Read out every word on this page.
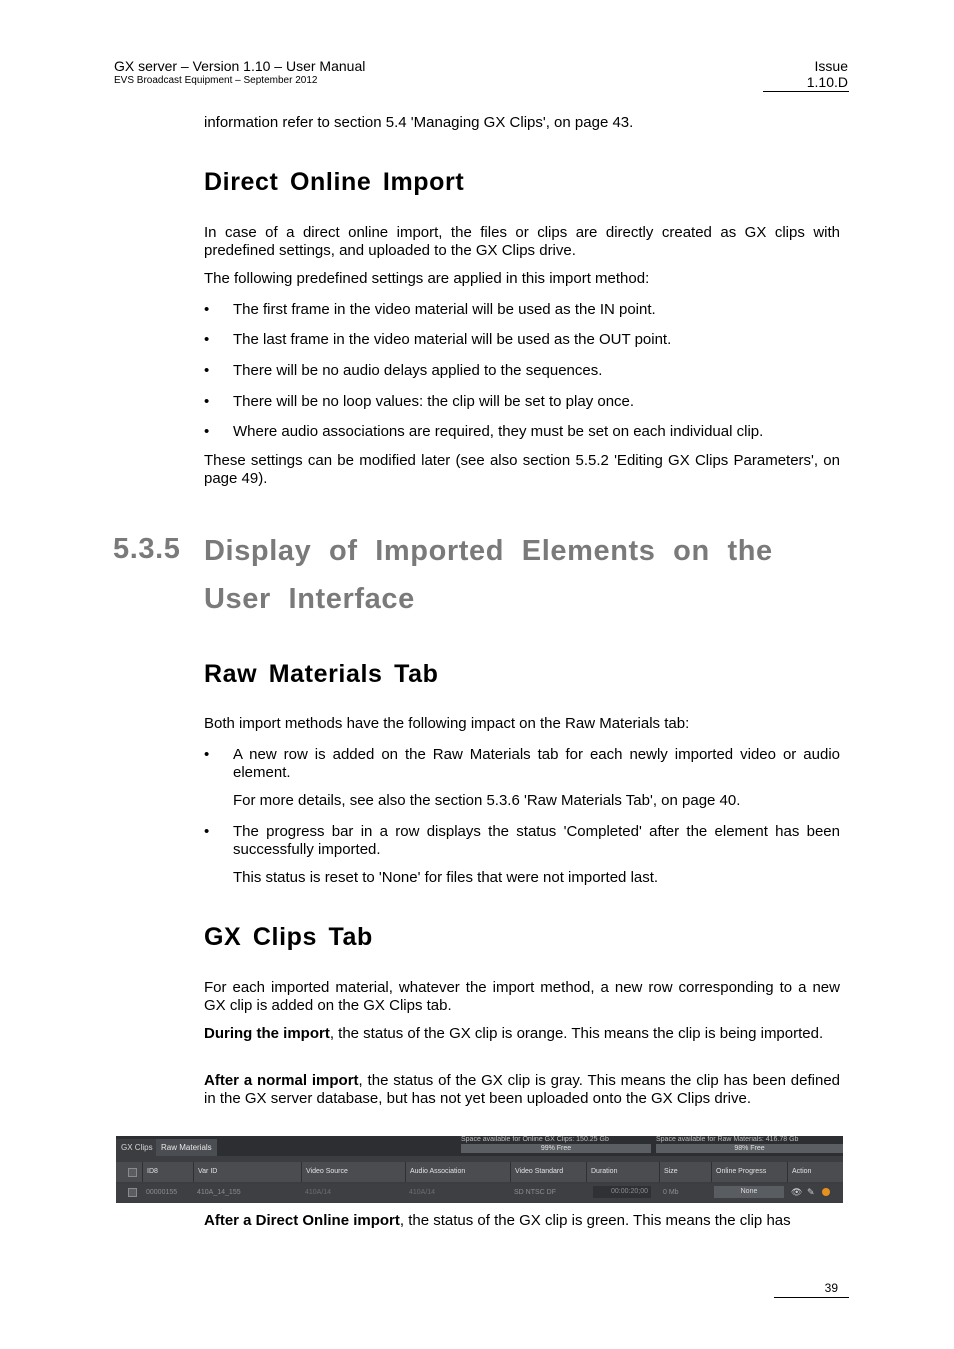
GX server – Version 1.10 – User Manual
EVS Broadcast Equipment – September 2012
Issue
1.10.D

information refer to section 5.4 'Managing GX Clips', on page 43.

Direct Online Import

In case of a direct online import, the files or clips are directly created as GX clips with predefined settings, and uploaded to the GX Clips drive.

The following predefined settings are applied in this import method:

•	The first frame in the video material will be used as the IN point.
•	The last frame in the video material will be used as the OUT point.
•	There will be no audio delays applied to the sequences.
•	There will be no loop values: the clip will be set to play once.
•	Where audio associations are required, they must be set on each individual clip.

These settings can be modified later (see also section 5.5.2 'Editing GX Clips Parameters', on page 49).

5.3.5 Display of Imported Elements on the User Interface
Raw Materials Tab

Both import methods have the following impact on the Raw Materials tab:

•	A new row is added on the Raw Materials tab for each newly imported video or audio element.

For more details, see also the section 5.3.6 'Raw Materials Tab', on page 40.

•	The progress bar in a row displays the status 'Completed' after the element has been successfully imported.

This status is reset to 'None' for files that were not imported last.

GX Clips Tab

For each imported material, whatever the import method, a new row corresponding to a new GX clip is added on the GX Clips tab.

During the import, the status of the GX clip is orange. This means the clip is being imported.

After a normal import, the status of the GX clip is gray. This means the clip has been defined in the GX server database, but has not yet been uploaded onto the GX Clips drive.

GX Clips	Raw Materials
Space available for Online GX Clips: 150.25 Gb
99% Free
Space available for Raw Materials: 416.78 Gb
98% Free
ID8	Var ID	Video Source	Audio Association	Video Standard	Duration	Size	Online Progress	Action
00000155	410A_14_155	410A/14	410A/14	SD NTSC DF	00:00:20;00	0 Mb	None	👁 ✎

After a Direct Online import, the status of the GX clip is green. This means the clip has

39
